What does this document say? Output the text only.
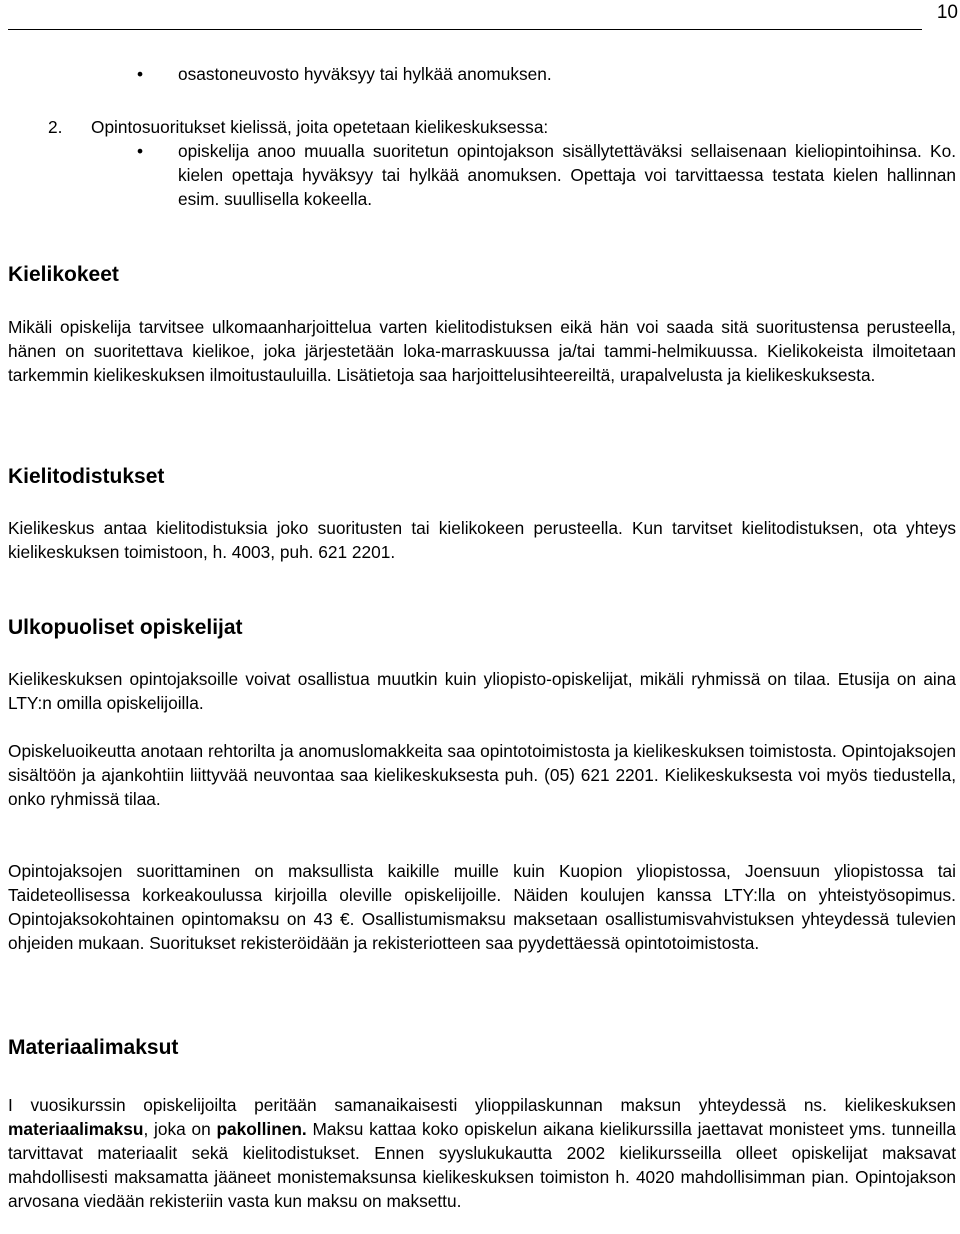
10
• osastoneuvosto hyväksyy tai hylkää anomuksen.
2. Opintosuoritukset kielissä, joita opetetaan kielikeskuksessa:
• opiskelija anoo muualla suoritetun opintojakson sisällytettäväksi sellaisenaan kieliopintoihinsa. Ko. kielen opettaja hyväksyy tai hylkää anomuksen. Opettaja voi tarvittaessa testata kielen hallinnan esim. suullisella kokeella.
Kielikokeet

Mikäli opiskelija tarvitsee ulkomaanharjoittelua varten kielitodistuksen eikä hän voi saada sitä suoritustensa perusteella, hänen on suoritettava kielikoe, joka järjestetään loka-marraskuussa ja/tai tammi-helmikuussa. Kielikokeista ilmoitetaan tarkemmin kielikeskuksen ilmoitustauluilla. Lisätietoja saa harjoittelusihteereiltä, urapalvelusta ja kielikeskuksesta.

Kielitodistukset

Kielikeskus antaa kielitodistuksia joko suoritusten tai kielikokeen perusteella. Kun tarvitset kielitodistuksen, ota yhteys kielikeskuksen toimistoon, h. 4003, puh. 621 2201.

Ulkopuoliset opiskelijat

Kielikeskuksen opintojaksoille voivat osallistua muutkin kuin yliopisto-opiskelijat, mikäli ryhmissä on tilaa. Etusija on aina LTY:n omilla opiskelijoilla.

Opiskeluoikeutta anotaan rehtorilta ja anomuslomakkeita saa opintotoimistosta ja kielikeskuksen toimistosta. Opintojaksojen sisältöön ja ajankohtiin liittyvää neuvontaa saa kielikeskuksesta puh. (05) 621 2201. Kielikeskuksesta voi myös tiedustella, onko ryhmissä tilaa.

Opintojaksojen suorittaminen on maksullista kaikille muille kuin Kuopion yliopistossa, Joensuun yliopistossa tai Taideteollisessa korkeakoulussa kirjoilla oleville opiskelijoille. Näiden koulujen kanssa LTY:lla on yhteistyösopimus. Opintojaksokohtainen opintomaksu on 43 €. Osallistumismaksu maksetaan osallistumisvahvistuksen yhteydessä tulevien ohjeiden mukaan. Suoritukset rekisteröidään ja rekisteriotteen saa pyydettäessä opintotoimistosta.

Materiaalimaksut

I vuosikurssin opiskelijoilta peritään samanaikaisesti ylioppilaskunnan maksun yhteydessä ns. kielikeskuksen materiaalimaksu, joka on pakollinen. Maksu kattaa koko opiskelun aikana kielikurssilla jaettavat monisteet yms. tunneilla tarvittavat materiaalit sekä kielitodistukset. Ennen syyslukukautta 2002 kielikursseilla olleet opiskelijat maksavat mahdollisesti maksamatta jääneet monistemaksunsa kielikeskuksen toimiston h. 4020 mahdollisimman pian. Opintojakson arvosana viedään rekisteriin vasta kun maksu on maksettu.
